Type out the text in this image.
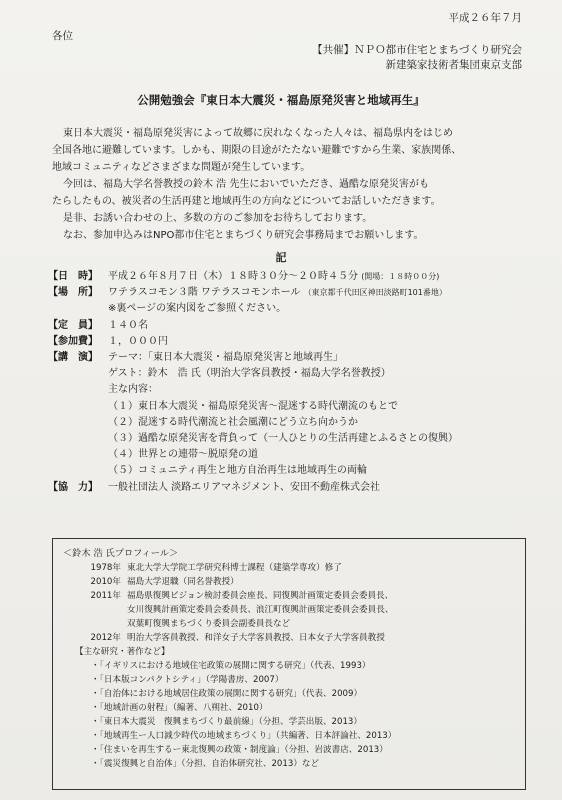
平成２６年７月
各位
【共催】ＮＰＯ都市住宅とまちづくり研究会
新建築家技術者集団東京支部
公開勉強会『東日本大震災・福島原発災害と地域再生』

東日本大震災・福島原発災害によって故郷に戻れなくなった人々は、福島県内をはじめ

全国各地に避難しています。しかも、期限の目途がたたない避難ですから生業、家族関係、

地域コミュニティなどさまざまな問題が発生しています。

今回は、福島大学名誉教授の鈴木 浩 先生においでいただき、過酷な原発災害がも

たらしたもの、被災者の生活再建と地域再生の方向などについてお話しいただきます。

是非、お誘い合わせの上、多数の方のご参加をお待ちしております。

なお、参加申込みはNPO都市住宅とまちづくり研究会事務局までお願いします。

記
【日　時】 平成２６年８月７日（木）１８時３０分～２０時４５分 (開場：１８時００分)
【場　所】 ワテラスコモン３階 ワテラスコモンホール （東京都千代田区神田淡路町101番地）
※裏ページの案内図をご参照ください。
【定　員】 １４０名
【参加費】 １，０００円
【講　演】 テーマ：「東日本大震災・福島原発災害と地域再生」
ゲスト：鈴木　浩 氏（明治大学客員教授・福島大学名誉教授）
主な内容：
（１）東日本大震災・福島原発災害～混迷する時代潮流のもとで
（２）混迷する時代潮流と社会風潮にどう立ち向かうか
（３）過酷な原発災害を背負って（一人ひとりの生活再建とふるさとの復興）
（４）世界との連帯～脱原発の道
（５）コミュニティ再生と地方自治再生は地域再生の両輪
【協　力】 一般社団法人 淡路エリアマネジメント、安田不動産株式会社
＜鈴木 浩 氏プロフィール＞
1978年 東北大学大学院工学研究科博士課程（建築学専攻）修了
2010年 福島大学退職（同名誉教授）
2011年 福島県復興ビジョン検討委員会座長、同復興計画策定委員会委員長、
女川復興計画策定委員会委員長、浪江町復興計画策定委員会委員長、
双葉町復興まちづくり委員会副委員長など
2012年 明治大学客員教授、和洋女子大学客員教授、日本女子大学客員教授
【主な研究・著作など】
・「イギリスにおける地域住宅政策の展開に関する研究」（代表、1993）
・「日本版コンパクトシティ」（学陽書房、2007）
・「自治体における地域居住政策の展開に関する研究」（代表、2009）
・「地域計画の射程」（編著、八朔社、2010）
・「東日本大震災　復興まちづくり最前線」（分担、学芸出版、2013）
・「地域再生ー人口減少時代の地域まちづくり」（共編著、日本評論社、2013）
・「住まいを再生するー東北復興の政策・制度論」（分担、岩波書店、2013）
・「震災復興と自治体」（分担、自治体研究社、2013）など
